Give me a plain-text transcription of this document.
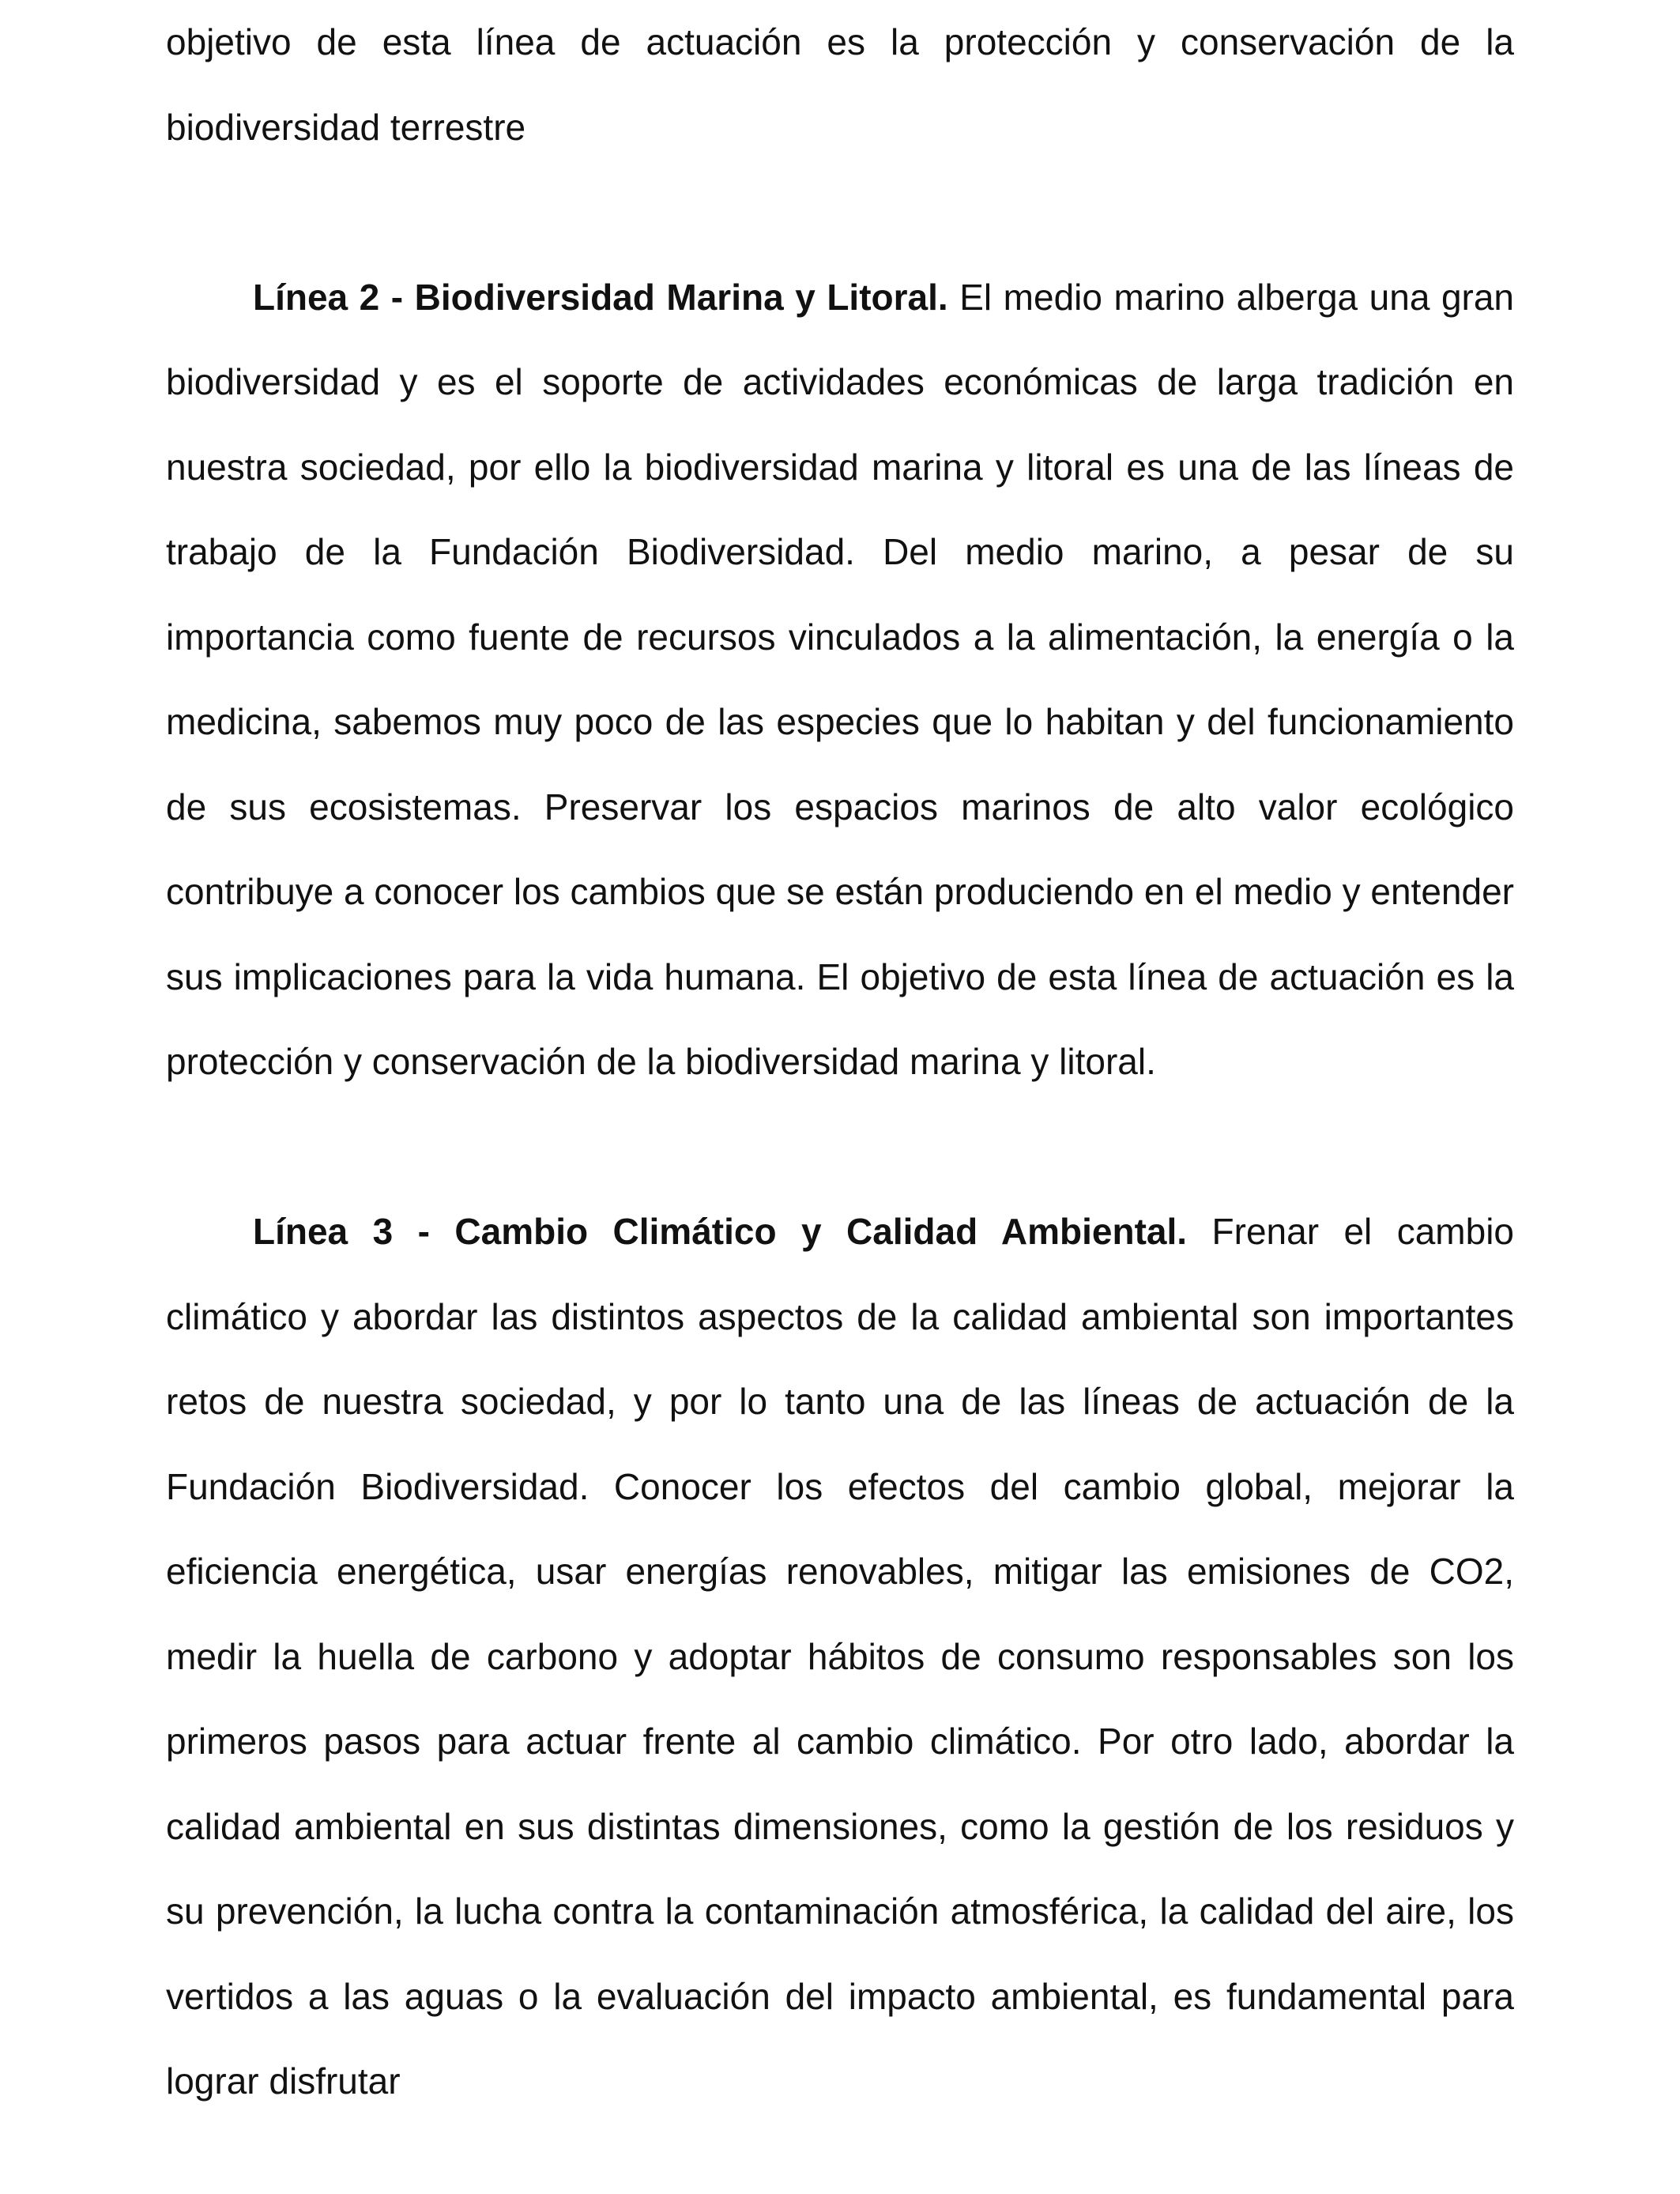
objetivo de esta línea de actuación es la protección y conservación de la biodiversidad terrestre

Línea 2 - Biodiversidad Marina y Litoral. El medio marino alberga una gran biodiversidad y es el soporte de actividades económicas de larga tradición en nuestra sociedad, por ello la biodiversidad marina y litoral es una de las líneas de trabajo de la Fundación Biodiversidad. Del medio marino, a pesar de su importancia como fuente de recursos vinculados a la alimentación, la energía o la medicina, sabemos muy poco de las especies que lo habitan y del funcionamiento de sus ecosistemas. Preservar los espacios marinos de alto valor ecológico contribuye a conocer los cambios que se están produciendo en el medio y entender sus implicaciones para la vida humana. El objetivo de esta línea de actuación es la protección y conservación de la biodiversidad marina y litoral.

Línea 3 - Cambio Climático y Calidad Ambiental. Frenar el cambio climático y abordar las distintos aspectos de la calidad ambiental son importantes retos de nuestra sociedad, y por lo tanto una de las líneas de actuación de la Fundación Biodiversidad. Conocer los efectos del cambio global, mejorar la eficiencia energética, usar energías renovables, mitigar las emisiones de CO2, medir la huella de carbono y adoptar hábitos de consumo responsables son los primeros pasos para actuar frente al cambio climático. Por otro lado, abordar la calidad ambiental en sus distintas dimensiones, como la gestión de los residuos y su prevención, la lucha contra la contaminación atmosférica, la calidad del aire, los vertidos a las aguas o la evaluación del impacto ambiental, es fundamental para lograr disfrutar
